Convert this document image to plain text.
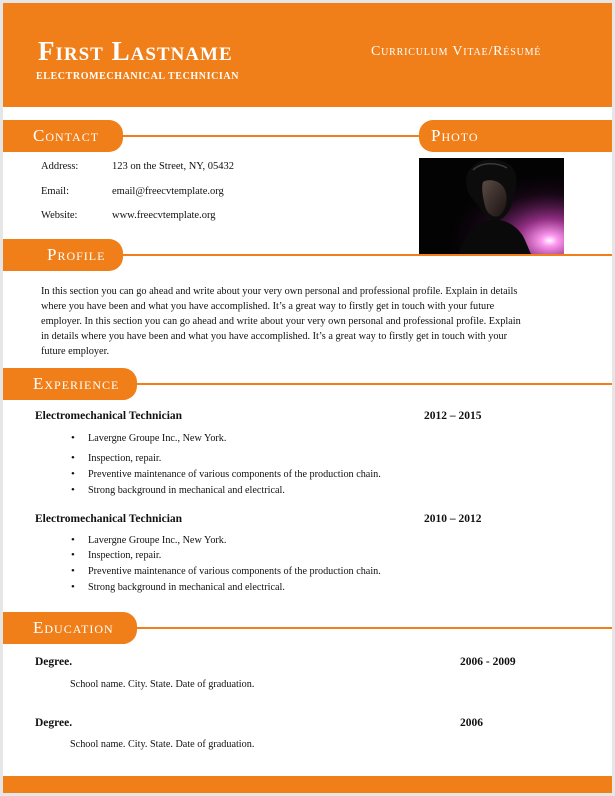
First Lastname
ELECTROMECHANICAL TECHNICIAN
Curriculum Vitae/Résumé
Contact
Address:	123 on the Street, NY, 05432
Email:	email@freecvtemplate.org
Website:	www.freecvtemplate.org
Photo
Profile
In this section you can go ahead and write about your very own personal and professional profile. Explain in details
where you have been and what you have accomplished. It’s a great way to firstly get in touch with your future
employer. In this section you can go ahead and write about your very own personal and professional profile. Explain
in details where you have been and what you have accomplished. It’s a great way to firstly get in touch with your
future employer.
Experience
Electromechanical Technician	2012 – 2015
• Lavergne Groupe Inc., New York.
• Inspection, repair.
• Preventive maintenance of various components of the production chain.
• Strong background in mechanical and electrical.
Electromechanical Technician	2010 – 2012
• Lavergne Groupe Inc., New York.
• Inspection, repair.
• Preventive maintenance of various components of the production chain.
• Strong background in mechanical and electrical.
Education
Degree.	2006 - 2009
School name. City. State. Date of graduation.
Degree.	2006
School name. City. State. Date of graduation.
